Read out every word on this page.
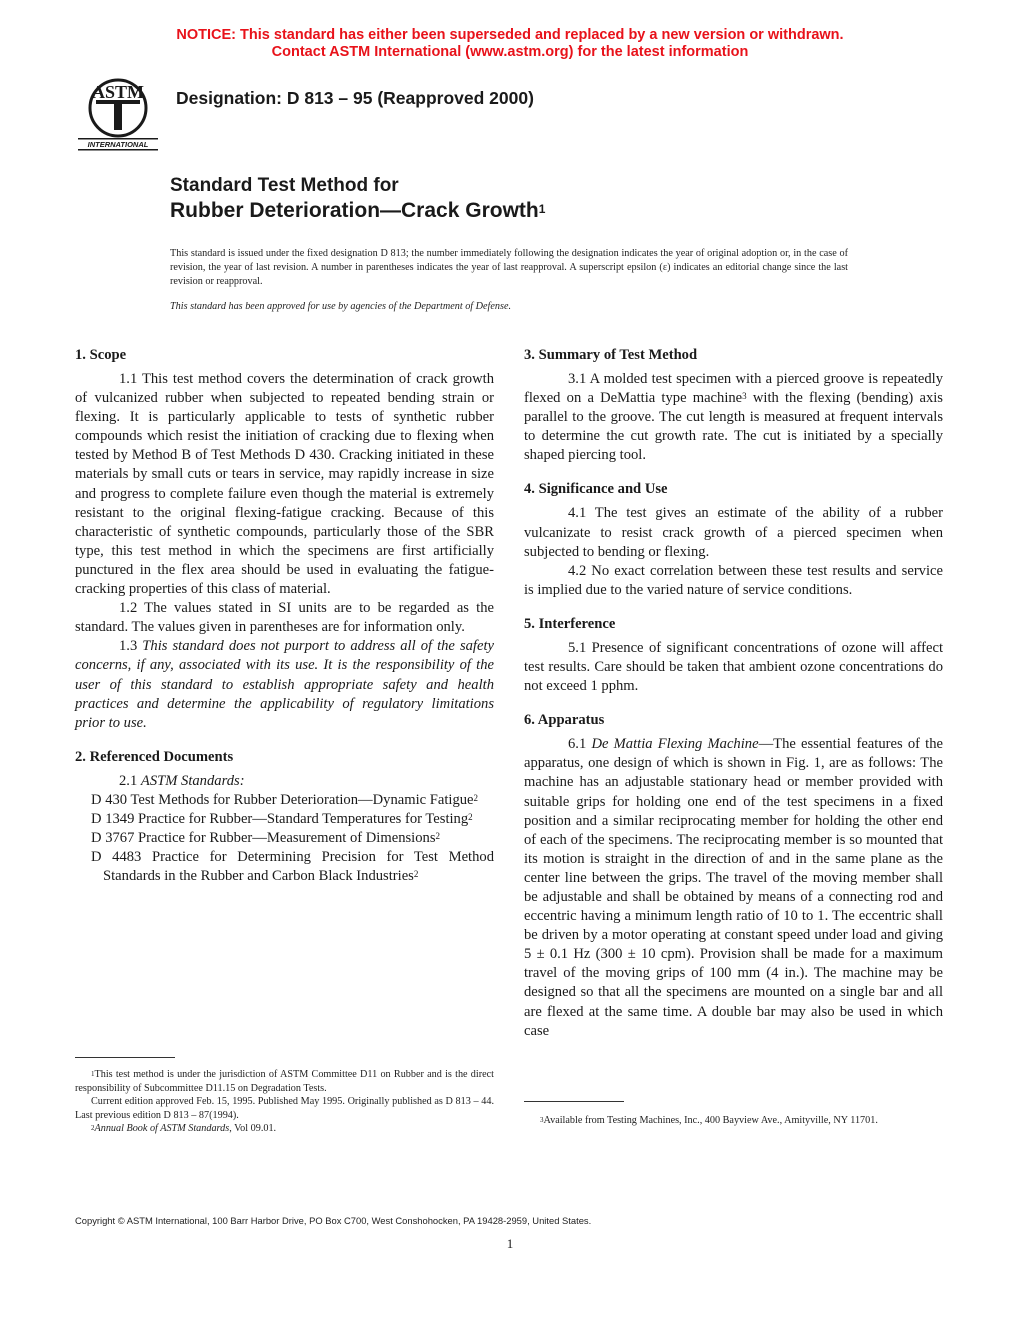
NOTICE: This standard has either been superseded and replaced by a new version or withdrawn.
Contact ASTM International (www.astm.org) for the latest information
ASTM
INTERNATIONAL
Designation: D 813 – 95 (Reapproved 2000)
Standard Test Method for
Rubber Deterioration—Crack Growth$^1$
This standard is issued under the fixed designation D 813; the number immediately following the designation indicates the year of original adoption or, in the case of revision, the year of last revision. A number in parentheses indicates the year of last reapproval. A superscript epsilon (ε) indicates an editorial change since the last revision or reapproval.
This standard has been approved for use by agencies of the Department of Defense.
1. Scope

1.1 This test method covers the determination of crack growth of vulcanized rubber when subjected to repeated bending strain or flexing. It is particularly applicable to tests of synthetic rubber compounds which resist the initiation of cracking due to flexing when tested by Method B of Test Methods D 430. Cracking initiated in these materials by small cuts or tears in service, may rapidly increase in size and progress to complete failure even though the material is extremely resistant to the original flexing-fatigue cracking. Because of this characteristic of synthetic compounds, particularly those of the SBR type, this test method in which the specimens are first artificially punctured in the flex area should be used in evaluating the fatigue-cracking properties of this class of material.

1.2 The values stated in SI units are to be regarded as the standard. The values given in parentheses are for information only.

1.3 This standard does not purport to address all of the safety concerns, if any, associated with its use. It is the responsibility of the user of this standard to establish appropriate safety and health practices and determine the applicability of regulatory limitations prior to use.

2. Referenced Documents

2.1 ASTM Standards:

D 430 Test Methods for Rubber Deterioration—Dynamic Fatigue$^2$

D 1349 Practice for Rubber—Standard Temperatures for Testing$^2$

D 3767 Practice for Rubber—Measurement of Dimensions$^2$

D 4483 Practice for Determining Precision for Test Method Standards in the Rubber and Carbon Black Industries$^2$

3. Summary of Test Method

3.1 A molded test specimen with a pierced groove is repeatedly flexed on a DeMattia type machine$^3$ with the flexing (bending) axis parallel to the groove. The cut length is measured at frequent intervals to determine the cut growth rate. The cut is initiated by a specially shaped piercing tool.

4. Significance and Use

4.1 The test gives an estimate of the ability of a rubber vulcanizate to resist crack growth of a pierced specimen when subjected to bending or flexing.

4.2 No exact correlation between these test results and service is implied due to the varied nature of service conditions.

5. Interference

5.1 Presence of significant concentrations of ozone will affect test results. Care should be taken that ambient ozone concentrations do not exceed 1 pphm.

6. Apparatus

6.1 De Mattia Flexing Machine—The essential features of the apparatus, one design of which is shown in Fig. 1, are as follows: The machine has an adjustable stationary head or member provided with suitable grips for holding one end of the test specimens in a fixed position and a similar reciprocating member for holding the other end of each of the specimens. The reciprocating member is so mounted that its motion is straight in the direction of and in the same plane as the center line between the grips. The travel of the moving member shall be adjustable and shall be obtained by means of a connecting rod and eccentric having a minimum length ratio of 10 to 1. The eccentric shall be driven by a motor operating at constant speed under load and giving 5 ± 0.1 Hz (300 ± 10 cpm). Provision shall be made for a maximum travel of the moving grips of 100 mm (4 in.). The machine may be designed so that all the specimens are mounted on a single bar and all are flexed at the same time. A double bar may also be used in which case

$^1$This test method is under the jurisdiction of ASTM Committee D11 on Rubber and is the direct responsibility of Subcommittee D11.15 on Degradation Tests.

Current edition approved Feb. 15, 1995. Published May 1995. Originally published as D 813 – 44. Last previous edition D 813 – 87(1994).

$^2$Annual Book of ASTM Standards, Vol 09.01.

$^3$Available from Testing Machines, Inc., 400 Bayview Ave., Amityville, NY 11701.

Copyright © ASTM International, 100 Barr Harbor Drive, PO Box C700, West Conshohocken, PA 19428-2959, United States.
1
